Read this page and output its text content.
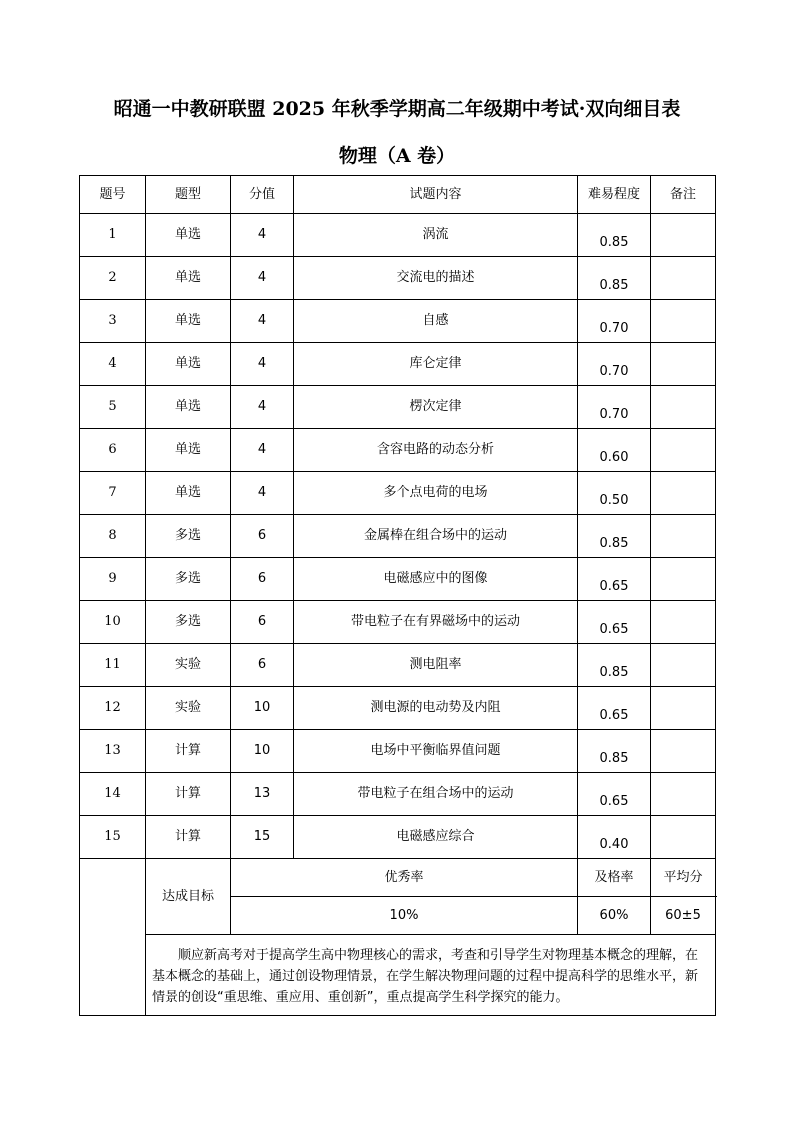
昭通一中教研联盟 2025 年秋季学期高二年级期中考试·双向细目表
物理（A 卷）
题号	题型	分值	试题内容	难易程度	备注
1	单选	4	涡流	0.85	
2	单选	4	交流电的描述	0.85	
3	单选	4	自感	0.70	
4	单选	4	库仑定律	0.70	
5	单选	4	楞次定律	0.70	
6	单选	4	含容电路的动态分析	0.60	
7	单选	4	多个点电荷的电场	0.50	
8	多选	6	金属棒在组合场中的运动	0.85	
9	多选	6	电磁感应中的图像	0.65	
10	多选	6	带电粒子在有界磁场中的运动	0.65	
11	实验	6	测电阻率	0.85	
12	实验	10	测电源的电动势及内阻	0.65	
13	计算	10	电场中平衡临界值问题	0.85	
14	计算	13	带电粒子在组合场中的运动	0.65	
15	计算	15	电磁感应综合	0.40	
	达成目标	优秀率		及格率	平均分
		10%		60%	60±5
	顺应新高考对于提高学生高中物理核心的需求，考查和引导学生对物理基本概念的理解，在基本概念的基础上，通过创设物理情景，在学生解决物理问题的过程中提高科学的思维水平，新情景的创设“重思维、重应用、重创新”，重点提高学生科学探究的能力。				
